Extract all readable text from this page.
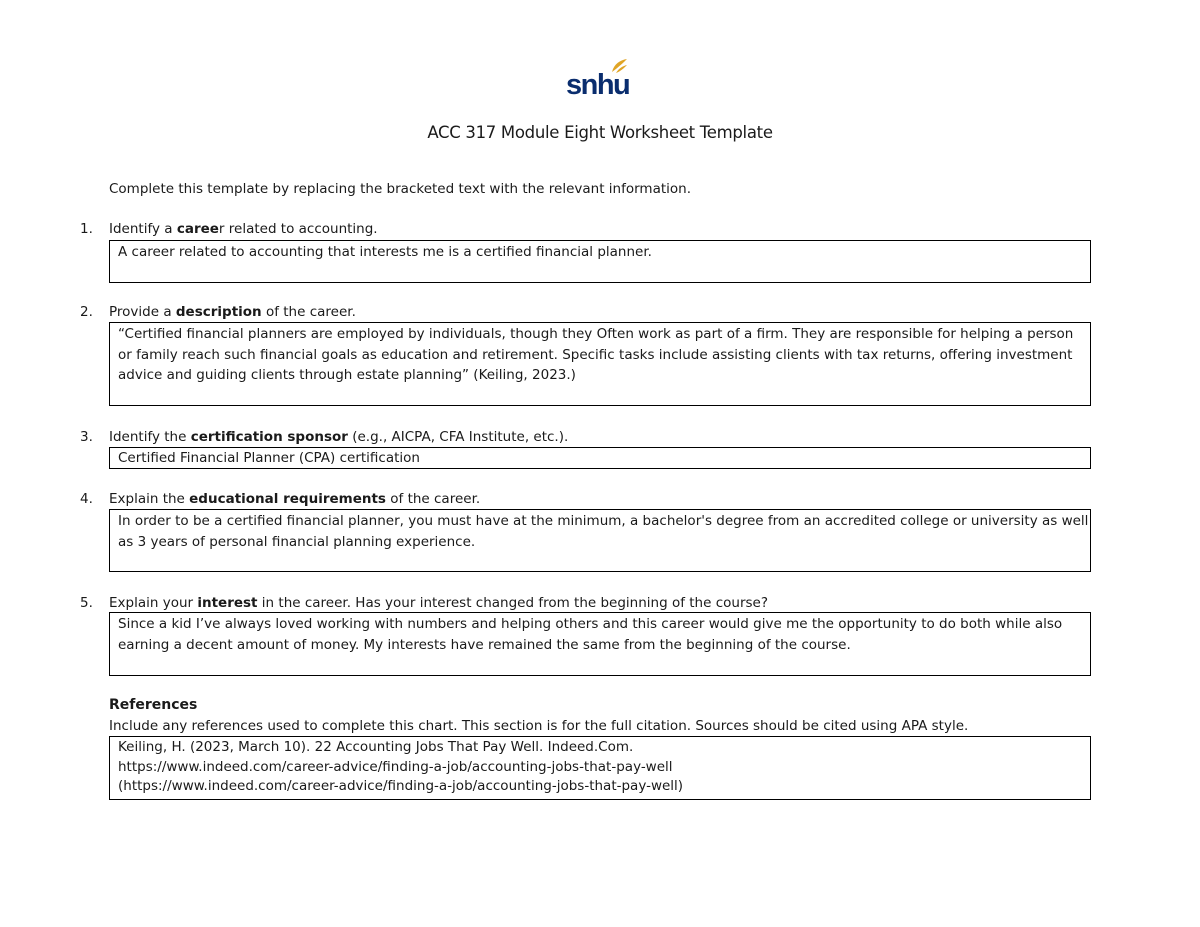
snhu
ACC 317 Module Eight Worksheet Template
Complete this template by replacing the bracketed text with the relevant information.
1. Identify a career related to accounting.

A career related to accounting that interests me is a certified financial planner.

2. Provide a description of the career.

“Certified financial planners are employed by individuals, though they Often work as part of a firm. They are responsible for helping a person

or family reach such financial goals as education and retirement. Specific tasks include assisting clients with tax returns, offering investment

advice and guiding clients through estate planning” (Keiling, 2023.)

3. Identify the certification sponsor (e.g., AICPA, CFA Institute, etc.).

Certified Financial Planner (CPA) certification

4. Explain the educational requirements of the career.

In order to be a certified financial planner, you must have at the minimum, a bachelor's degree from an accredited college or university as well

as 3 years of personal financial planning experience.

5. Explain your interest in the career. Has your interest changed from the beginning of the course?

Since a kid I’ve always loved working with numbers and helping others and this career would give me the opportunity to do both while also

earning a decent amount of money. My interests have remained the same from the beginning of the course.

References
Include any references used to complete this chart. This section is for the full citation. Sources should be cited using APA style.

Keiling, H. (2023, March 10). 22 Accounting Jobs That Pay Well. Indeed.Com.

https://www.indeed.com/career-advice/finding-a-job/accounting-jobs-that-pay-well

(https://www.indeed.com/career-advice/finding-a-job/accounting-jobs-that-pay-well)
